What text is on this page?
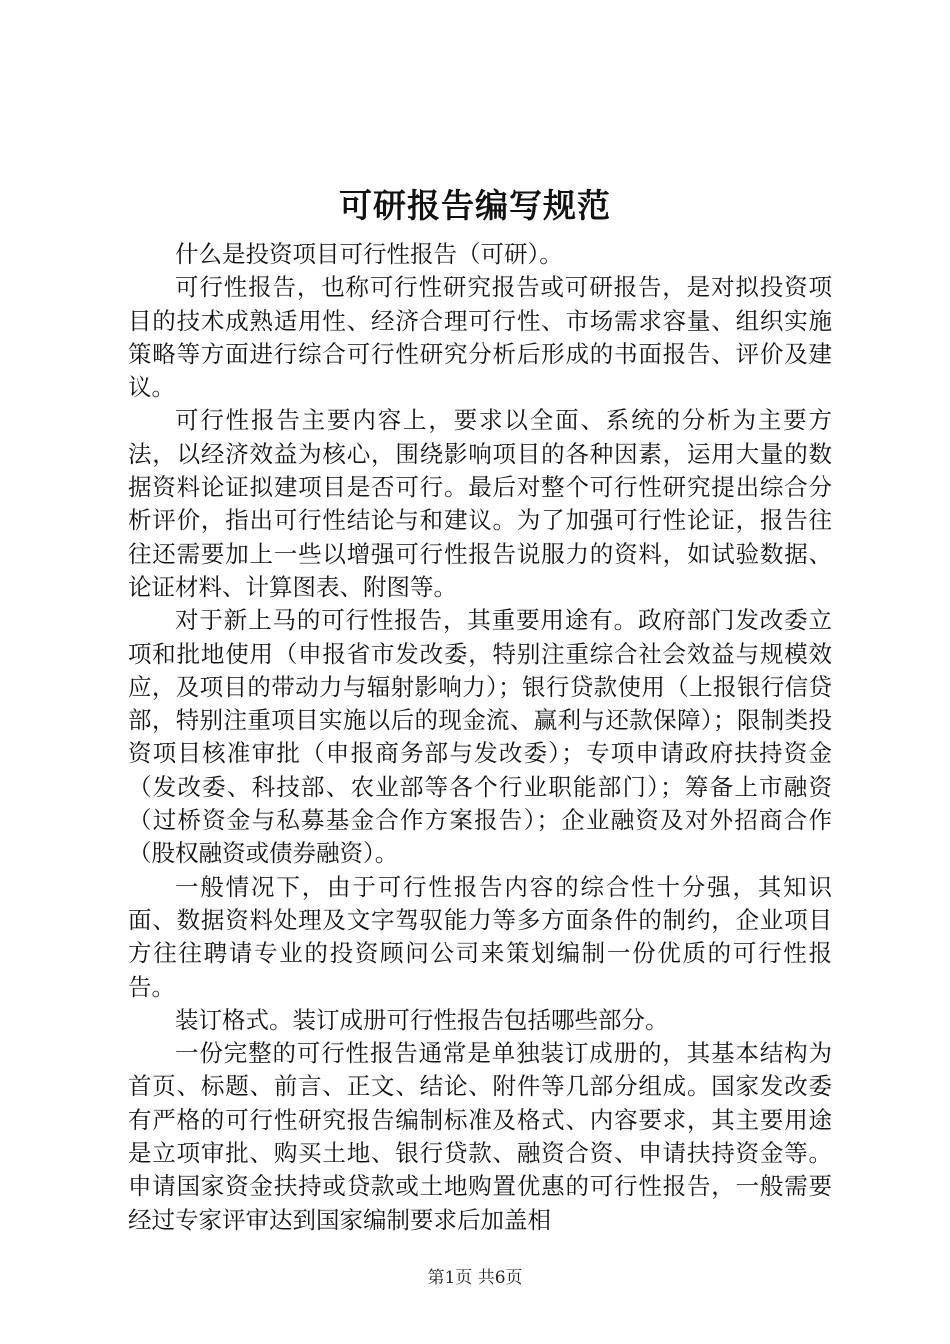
可研报告编写规范

什么是投资项目可行性报告（可研）。

可行性报告，也称可行性研究报告或可研报告，是对拟投资项目的技术成熟适用性、经济合理可行性、市场需求容量、组织实施策略等方面进行综合可行性研究分析后形成的书面报告、评价及建议。

可行性报告主要内容上，要求以全面、系统的分析为主要方法，以经济效益为核心，围绕影响项目的各种因素，运用大量的数据资料论证拟建项目是否可行。最后对整个可行性研究提出综合分析评价，指出可行性结论与和建议。为了加强可行性论证，报告往往还需要加上一些以增强可行性报告说服力的资料，如试验数据、论证材料、计算图表、附图等。

对于新上马的可行性报告，其重要用途有。政府部门发改委立项和批地使用（申报省市发改委，特别注重综合社会效益与规模效应，及项目的带动力与辐射影响力）；银行贷款使用（上报银行信贷部，特别注重项目实施以后的现金流、赢利与还款保障）；限制类投资项目核准审批（申报商务部与发改委）；专项申请政府扶持资金（发改委、科技部、农业部等各个行业职能部门）；筹备上市融资（过桥资金与私募基金合作方案报告）；企业融资及对外招商合作（股权融资或债券融资）。

一般情况下，由于可行性报告内容的综合性十分强，其知识面、数据资料处理及文字驾驭能力等多方面条件的制约，企业项目方往往聘请专业的投资顾问公司来策划编制一份优质的可行性报告。

装订格式。装订成册可行性报告包括哪些部分。

一份完整的可行性报告通常是单独装订成册的，其基本结构为首页、标题、前言、正文、结论、附件等几部分组成。国家发改委有严格的可行性研究报告编制标准及格式、内容要求，其主要用途是立项审批、购买土地、银行贷款、融资合资、申请扶持资金等。申请国家资金扶持或贷款或土地购置优惠的可行性报告，一般需要经过专家评审达到国家编制要求后加盖相

第1页 共6页
